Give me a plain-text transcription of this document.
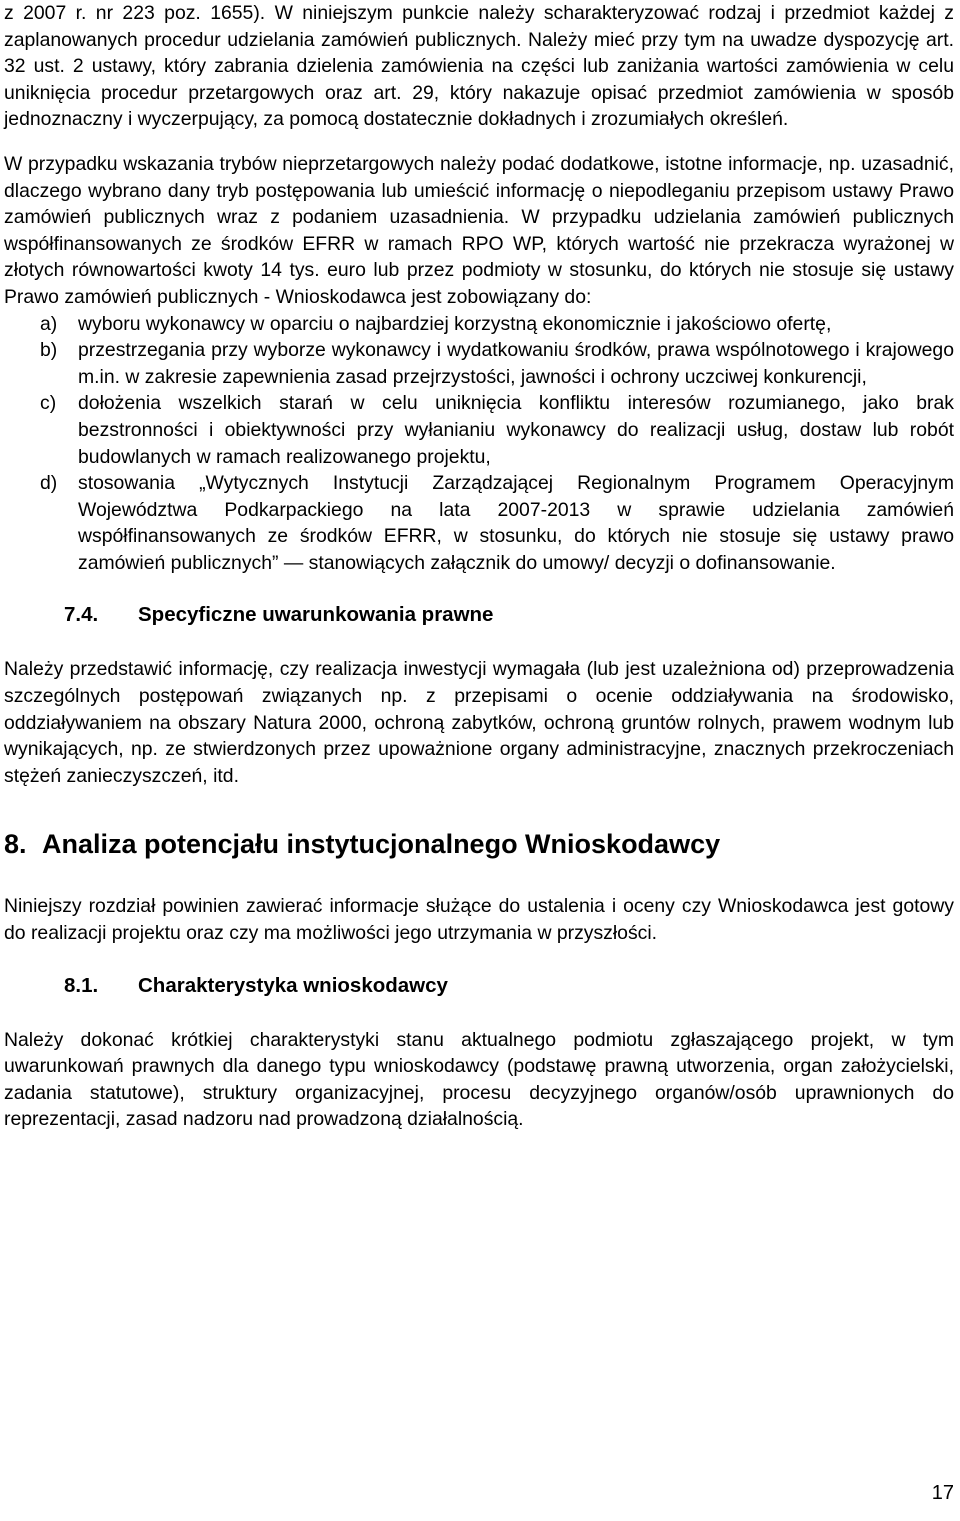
z 2007 r. nr 223 poz. 1655). W niniejszym punkcie należy scharakteryzować rodzaj i przedmiot każdej z zaplanowanych procedur udzielania zamówień publicznych. Należy mieć przy tym na uwadze dyspozycję art. 32 ust. 2 ustawy, który zabrania dzielenia zamówienia na części lub zaniżania wartości zamówienia w celu uniknięcia procedur przetargowych oraz art. 29, który nakazuje opisać przedmiot zamówienia w sposób jednoznaczny i wyczerpujący, za pomocą dostatecznie dokładnych i zrozumiałych określeń.

W przypadku wskazania trybów nieprzetargowych należy podać dodatkowe, istotne informacje, np. uzasadnić, dlaczego wybrano dany tryb postępowania lub umieścić informację o niepodleganiu przepisom ustawy Prawo zamówień publicznych wraz z podaniem uzasadnienia. W przypadku udzielania zamówień publicznych współfinansowanych ze środków EFRR w ramach RPO WP, których wartość nie przekracza wyrażonej w złotych równowartości kwoty 14 tys. euro lub przez podmioty w stosunku, do których nie stosuje się ustawy Prawo zamówień publicznych - Wnioskodawca jest zobowiązany do:

a) wyboru wykonawcy w oparciu o najbardziej korzystną ekonomicznie i jakościowo ofertę,
b) przestrzegania przy wyborze wykonawcy i wydatkowaniu środków, prawa wspólnotowego i krajowego m.in. w zakresie zapewnienia zasad przejrzystości, jawności i ochrony uczciwej konkurencji,
c) dołożenia wszelkich starań w celu uniknięcia konfliktu interesów rozumianego, jako brak bezstronności i obiektywności przy wyłanianiu wykonawcy do realizacji usług, dostaw lub robót budowlanych w ramach realizowanego projektu,
d) stosowania „Wytycznych Instytucji Zarządzającej Regionalnym Programem Operacyjnym Województwa Podkarpackiego na lata 2007-2013 w sprawie udzielania zamówień współfinansowanych ze środków EFRR, w stosunku, do których nie stosuje się ustawy prawo zamówień publicznych” — stanowiących załącznik do umowy/ decyzji o dofinansowanie.
7.4.	Specyficzne uwarunkowania prawne

Należy przedstawić informację, czy realizacja inwestycji wymagała (lub jest uzależniona od) przeprowadzenia szczególnych postępowań związanych np. z przepisami o ocenie oddziaływania na środowisko, oddziaływaniem na obszary Natura 2000, ochroną zabytków, ochroną gruntów rolnych, prawem wodnym lub wynikających, np. ze stwierdzonych przez upoważnione organy administracyjne, znacznych przekroczeniach stężeń zanieczyszczeń, itd.

8. Analiza potencjału instytucjonalnego Wnioskodawcy

Niniejszy rozdział powinien zawierać informacje służące do ustalenia i oceny czy Wnioskodawca jest gotowy do realizacji projektu oraz czy ma możliwości jego utrzymania w przyszłości.

8.1.	Charakterystyka wnioskodawcy

Należy dokonać krótkiej charakterystyki stanu aktualnego podmiotu zgłaszającego projekt, w tym uwarunkowań prawnych dla danego typu wnioskodawcy (podstawę prawną utworzenia, organ założycielski, zadania statutowe), struktury organizacyjnej, procesu decyzyjnego organów/osób uprawnionych do reprezentacji, zasad nadzoru nad prowadzoną działalnością.

17
